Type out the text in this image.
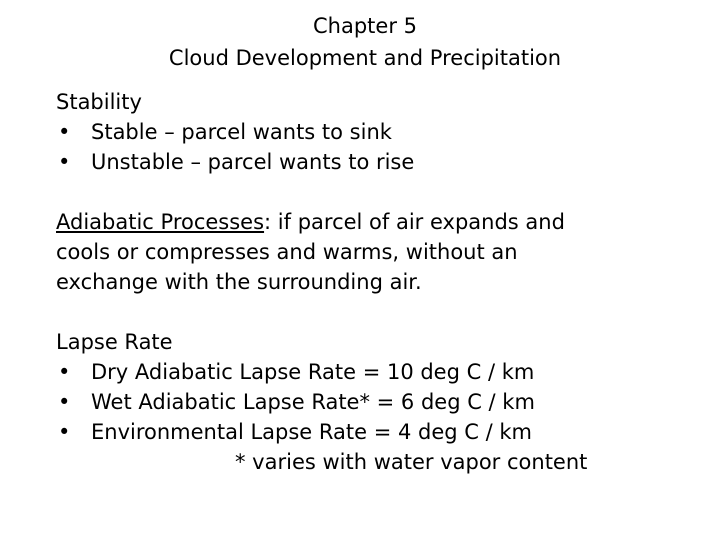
Chapter 5
Cloud Development and Precipitation
Stability
• Stable – parcel wants to sink
• Unstable – parcel wants to rise
Adiabatic Processes: if parcel of air expands and
cools or compresses and warms, without an
exchange with the surrounding air.
Lapse Rate
• Dry Adiabatic Lapse Rate = 10 deg C / km
• Wet Adiabatic Lapse Rate* = 6 deg C / km
• Environmental Lapse Rate = 4 deg C / km
* varies with water vapor content
